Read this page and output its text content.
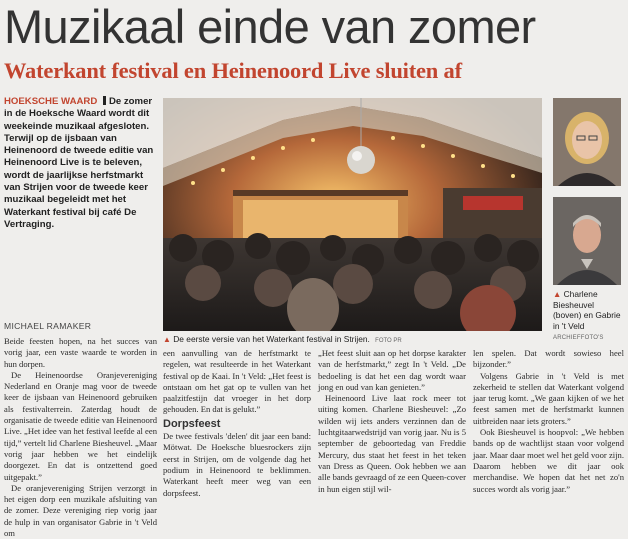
Muzikaal einde van zomer
Waterkant festival en Heinenoord Live sluiten af
HOEKSCHE WAARD De zomer in de Hoeksche Waard wordt dit weekeinde muzikaal afgesloten. Terwijl op de ijsbaan van Heinenoord de tweede editie van Heinenoord Live is te beleven, wordt de jaarlijkse herfstmarkt van Strijen voor de tweede keer muzikaal begeleidt met het Waterkant festival bij café De Vertraging.
MICHAEL RAMAKER
▲ De eerste versie van het Waterkant festival in Strijen. FOTO PR
▲ Charlene Biesheuvel (boven) en Gabrie in 't Veld
ARCHIEFFOTO'S

Beide feesten hopen, na het succes van vorig jaar, een vaste waarde te worden in hun dorpen.

De Heinenoordse Oranjevereniging Nederland en Oranje mag voor de tweede keer de ijsbaan van Heinenoord gebruiken als festivalterrein. Zaterdag houdt de organisatie de tweede editie van Heinenoord Live. „Het idee van het festival leefde al een tijd,” vertelt lid Charlene Biesheuvel. „Maar vorig jaar hebben we het eindelijk doorgezet. En dat is ontzettend goed uitgepakt.”

De oranjevereniging Strijen verzorgt in het eigen dorp een muzikale afsluiting van de zomer. Deze vereniging riep vorig jaar de hulp in van organisator Gabrie in 't Veld om

een aanvulling van de herfstmarkt te regelen, wat resulteerde in het Waterkant festival op de Kaai. In 't Veld: „Het feest is ontstaan om het gat op te vullen van het paalzitfestijn dat vroeger in het dorp gehouden. En dat is gelukt.”

Dorpsfeest

De twee festivals 'delen' dit jaar een band: Mötwat. De Hoeksche bluesrockers zijn eerst in Strijen, om de volgende dag het podium in Heinenoord te beklimmen. Waterkant heeft meer weg van een dorpsfeest.

„Het feest sluit aan op het dorpse karakter van de herfstmarkt,” zegt In 't Veld. „De bedoeling is dat het een dag wordt waar jong en oud van kan genieten.”

Heinenoord Live laat rock meer tot uiting komen. Charlene Biesheuvel: „Zo wilden wij iets anders verzinnen dan de luchtgitaarwedstrijd van vorig jaar. Nu is 5 september de geboortedag van Freddie Mercury, dus staat het feest in het teken van Dress as Queen. Ook hebben we aan alle bands gevraagd of ze een Queen-cover in hun eigen stijl wil-

len spelen. Dat wordt sowieso heel bijzonder.”

Volgens Gabrie in 't Veld is met zekerheid te stellen dat Waterkant volgend jaar terug komt. „We gaan kijken of we het feest samen met de herfstmarkt kunnen uitbreiden naar iets groters.”

Ook Biesheuvel is hoopvol: „We hebben bands op de wachtlijst staan voor volgend jaar. Maar daar moet wel het geld voor zijn. Daarom hebben we dit jaar ook merchandise. We hopen dat het net zo'n succes wordt als vorig jaar.”
